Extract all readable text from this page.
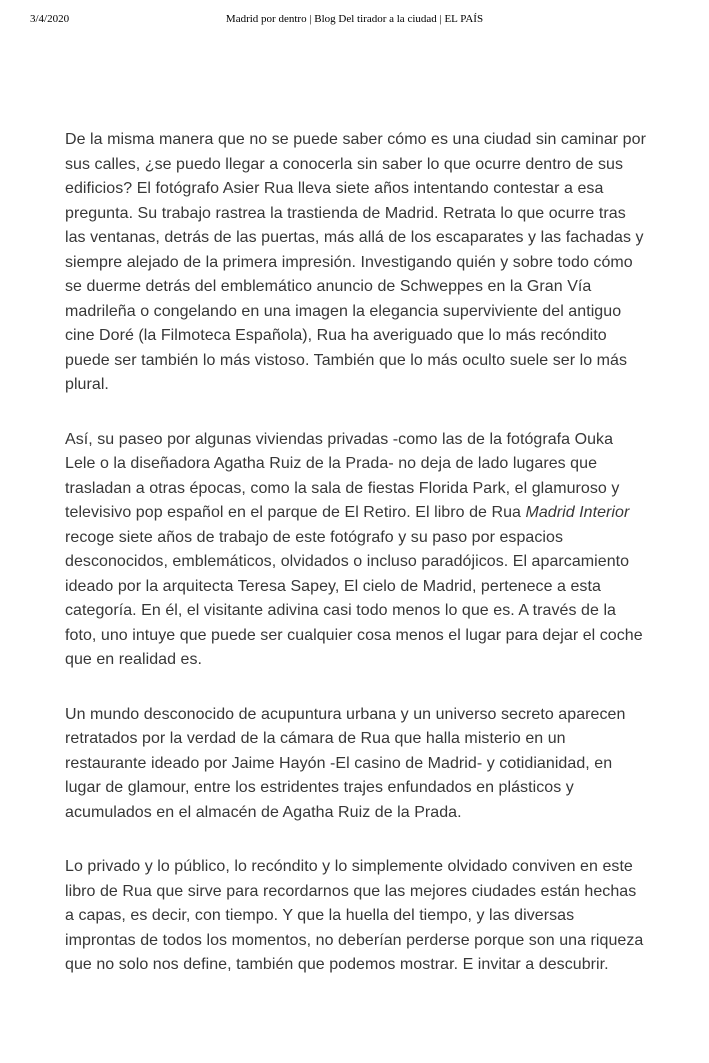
3/4/2020	Madrid por dentro | Blog Del tirador a la ciudad | EL PAÍS

De la misma manera que no se puede saber cómo es una ciudad sin caminar por sus calles, ¿se puedo llegar a conocerla sin saber lo que ocurre dentro de sus edificios? El fotógrafo Asier Rua lleva siete años intentando contestar a esa pregunta. Su trabajo rastrea la trastienda de Madrid. Retrata lo que ocurre tras las ventanas, detrás de las puertas, más allá de los escaparates y las fachadas y siempre alejado de la primera impresión. Investigando quién y sobre todo cómo se duerme detrás del emblemático anuncio de Schweppes en la Gran Vía madrileña o congelando en una imagen la elegancia superviviente del antiguo cine Doré (la Filmoteca Española), Rua ha averiguado que lo más recóndito puede ser también lo más vistoso. También que lo más oculto suele ser lo más plural.

Así, su paseo por algunas viviendas privadas -como las de la fotógrafa Ouka Lele o la diseñadora Agatha Ruiz de la Prada- no deja de lado lugares que trasladan a otras épocas, como la sala de fiestas Florida Park, el glamuroso y televisivo pop español en el parque de El Retiro. El libro de Rua Madrid Interior recoge siete años de trabajo de este fotógrafo y su paso por espacios desconocidos, emblemáticos, olvidados o incluso paradójicos. El aparcamiento ideado por la arquitecta Teresa Sapey, El cielo de Madrid, pertenece a esta categoría. En él, el visitante adivina casi todo menos lo que es. A través de la foto, uno intuye que puede ser cualquier cosa menos el lugar para dejar el coche que en realidad es.

Un mundo desconocido de acupuntura urbana y un universo secreto aparecen retratados por la verdad de la cámara de Rua que halla misterio en un restaurante ideado por Jaime Hayón -El casino de Madrid- y cotidianidad, en lugar de glamour, entre los estridentes trajes enfundados en plásticos y acumulados en el almacén de Agatha Ruiz de la Prada.

Lo privado y lo público, lo recóndito y lo simplemente olvidado conviven en este libro de Rua que sirve para recordarnos que las mejores ciudades están hechas a capas, es decir, con tiempo. Y que la huella del tiempo, y las diversas improntas de todos los momentos, no deberían perderse porque son una riqueza que no solo nos define, también que podemos mostrar. E invitar a descubrir.
